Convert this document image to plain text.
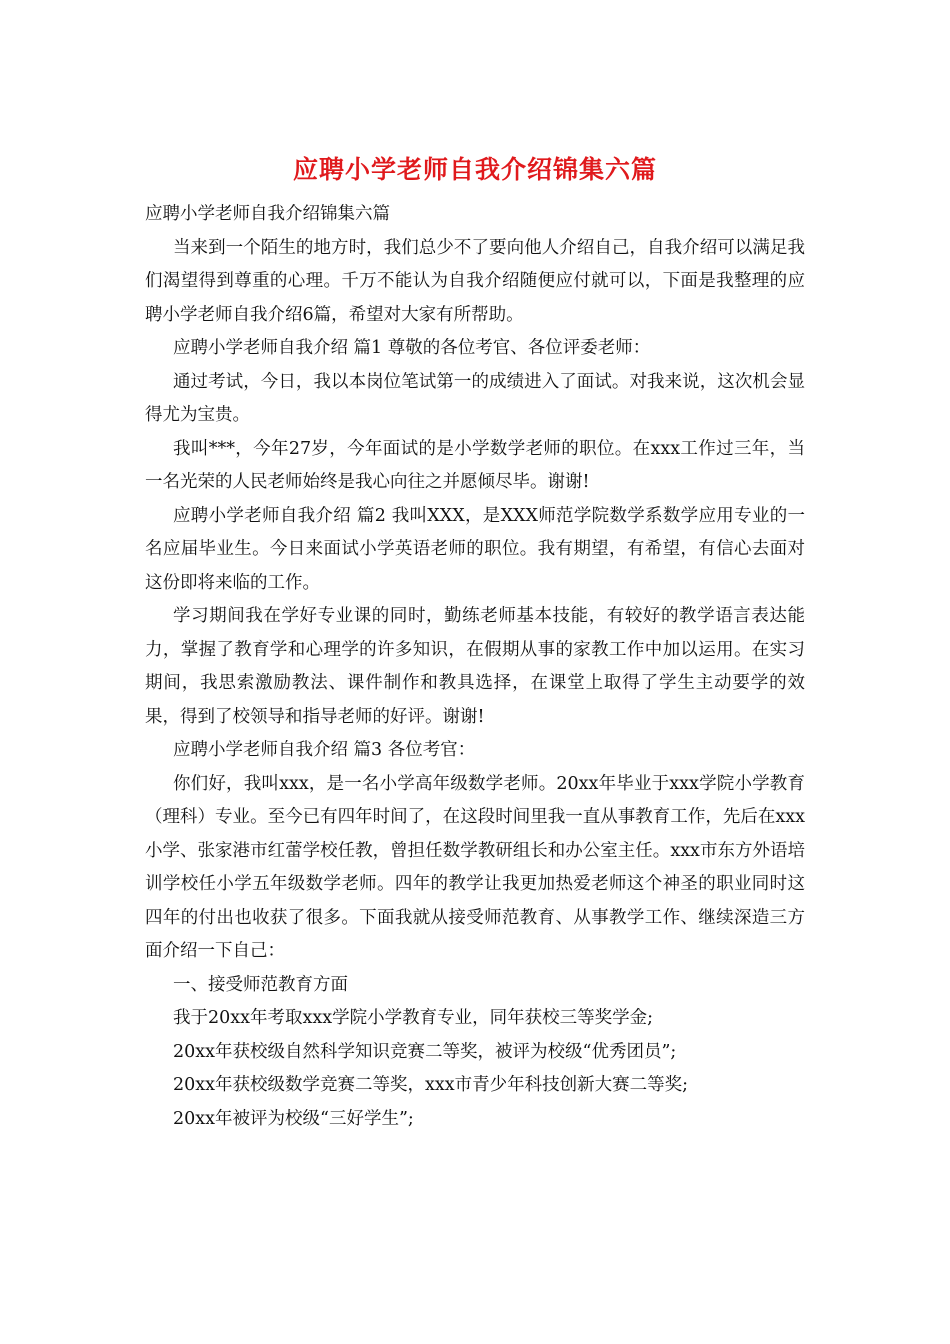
应聘小学老师自我介绍锦集六篇

应聘小学老师自我介绍锦集六篇

当来到一个陌生的地方时，我们总少不了要向他人介绍自己，自我介绍可以满足我们渴望得到尊重的心理。千万不能认为自我介绍随便应付就可以，下面是我整理的应聘小学老师自我介绍6篇，希望对大家有所帮助。

应聘小学老师自我介绍 篇1 尊敬的各位考官、各位评委老师：

通过考试，今日，我以本岗位笔试第一的成绩进入了面试。对我来说，这次机会显得尤为宝贵。

我叫***，今年27岁，今年面试的是小学数学老师的职位。在xxx工作过三年，当一名光荣的人民老师始终是我心向往之并愿倾尽毕。谢谢!

应聘小学老师自我介绍 篇2 我叫XXX，是XXX师范学院数学系数学应用专业的一名应届毕业生。今日来面试小学英语老师的职位。我有期望，有希望，有信心去面对这份即将来临的工作。

学习期间我在学好专业课的同时，勤练老师基本技能，有较好的教学语言表达能力，掌握了教育学和心理学的许多知识，在假期从事的家教工作中加以运用。在实习期间，我思索激励教法、课件制作和教具选择，在课堂上取得了学生主动要学的效果，得到了校领导和指导老师的好评。谢谢!

应聘小学老师自我介绍 篇3 各位考官：

你们好，我叫xxx，是一名小学高年级数学老师。20xx年毕业于xxx学院小学教育（理科）专业。至今已有四年时间了，在这段时间里我一直从事教育工作，先后在xxx小学、张家港市红蕾学校任教，曾担任数学教研组长和办公室主任。xxx市东方外语培训学校任小学五年级数学老师。四年的教学让我更加热爱老师这个神圣的职业同时这四年的付出也收获了很多。下面我就从接受师范教育、从事教学工作、继续深造三方面介绍一下自己：

一、接受师范教育方面

我于20xx年考取xxx学院小学教育专业，同年获校三等奖学金;

20xx年获校级自然科学知识竞赛二等奖，被评为校级“优秀团员”;

20xx年获校级数学竞赛二等奖，xxx市青少年科技创新大赛二等奖;

20xx年被评为校级“三好学生”;
